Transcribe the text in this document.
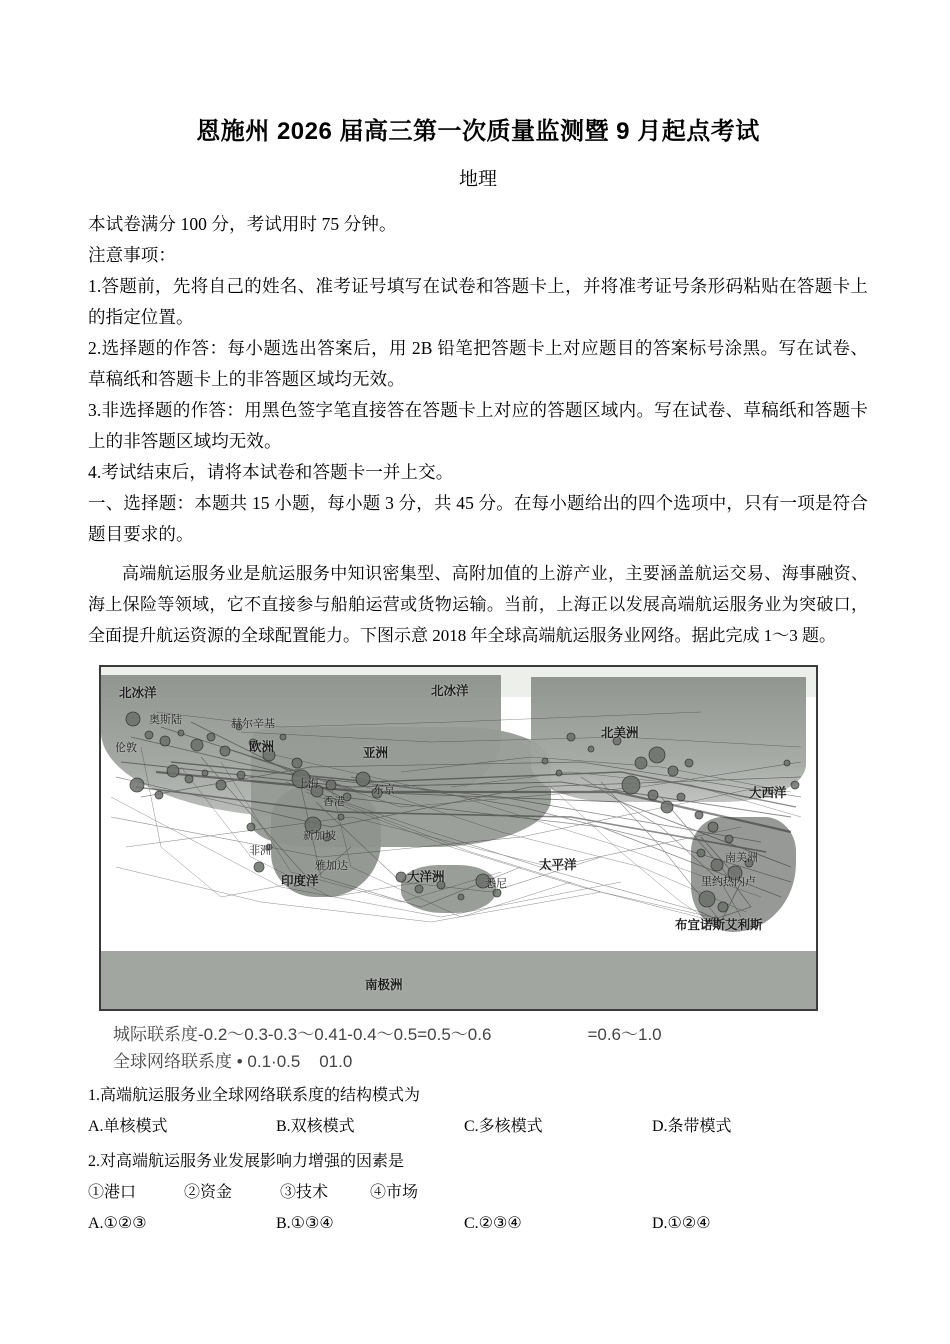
恩施州 2026 届高三第一次质量监测暨 9 月起点考试
地理
本试卷满分 100 分，考试用时 75 分钟。
注意事项：
1.答题前，先将自己的姓名、准考证号填写在试卷和答题卡上，并将准考证号条形码粘贴在答题卡上的指定位置。
2.选择题的作答：每小题选出答案后，用 2B 铅笔把答题卡上对应题目的答案标号涂黑。写在试卷、草稿纸和答题卡上的非答题区域均无效。
3.非选择题的作答：用黑色签字笔直接答在答题卡上对应的答题区域内。写在试卷、草稿纸和答题卡上的非答题区域均无效。
4.考试结束后，请将本试卷和答题卡一并上交。
一、选择题：本题共 15 小题，每小题 3 分，共 45 分。在每小题给出的四个选项中，只有一项是符合题目要求的。
高端航运服务业是航运服务中知识密集型、高附加值的上游产业，主要涵盖航运交易、海事融资、海上保险等领域，它不直接参与船舶运营或货物运输。当前，上海正以发展高端航运服务业为突破口，全面提升航运资源的全球配置能力。下图示意 2018 年全球高端航运服务业网络。据此完成 1～3 题。
北冰洋	北冰洋
奥斯陆	赫尔辛基
伦敦	欧洲	亚洲
上海
香港
东京
新加坡
雅加达
非洲
印度洋	大洋洲	悉尼
北美洲
太平洋
大西洋
南美洲
里约热内卢
布宜诺斯艾利斯
南极洲
城际联系度-0.2～0.3-0.3～0.41-0.4～0.5=0.5～0.6	=0.6～1.0
全球网络联系度 • 0.1·0.5    01.0
1.高端航运服务业全球网络联系度的结构模式为
A.单核模式	B.双核模式	C.多核模式	D.条带模式
2.对高端航运服务业发展影响力增强的因素是
①港口	②资金	③技术	④市场
A.①②③	B.①③④	C.②③④	D.①②④
